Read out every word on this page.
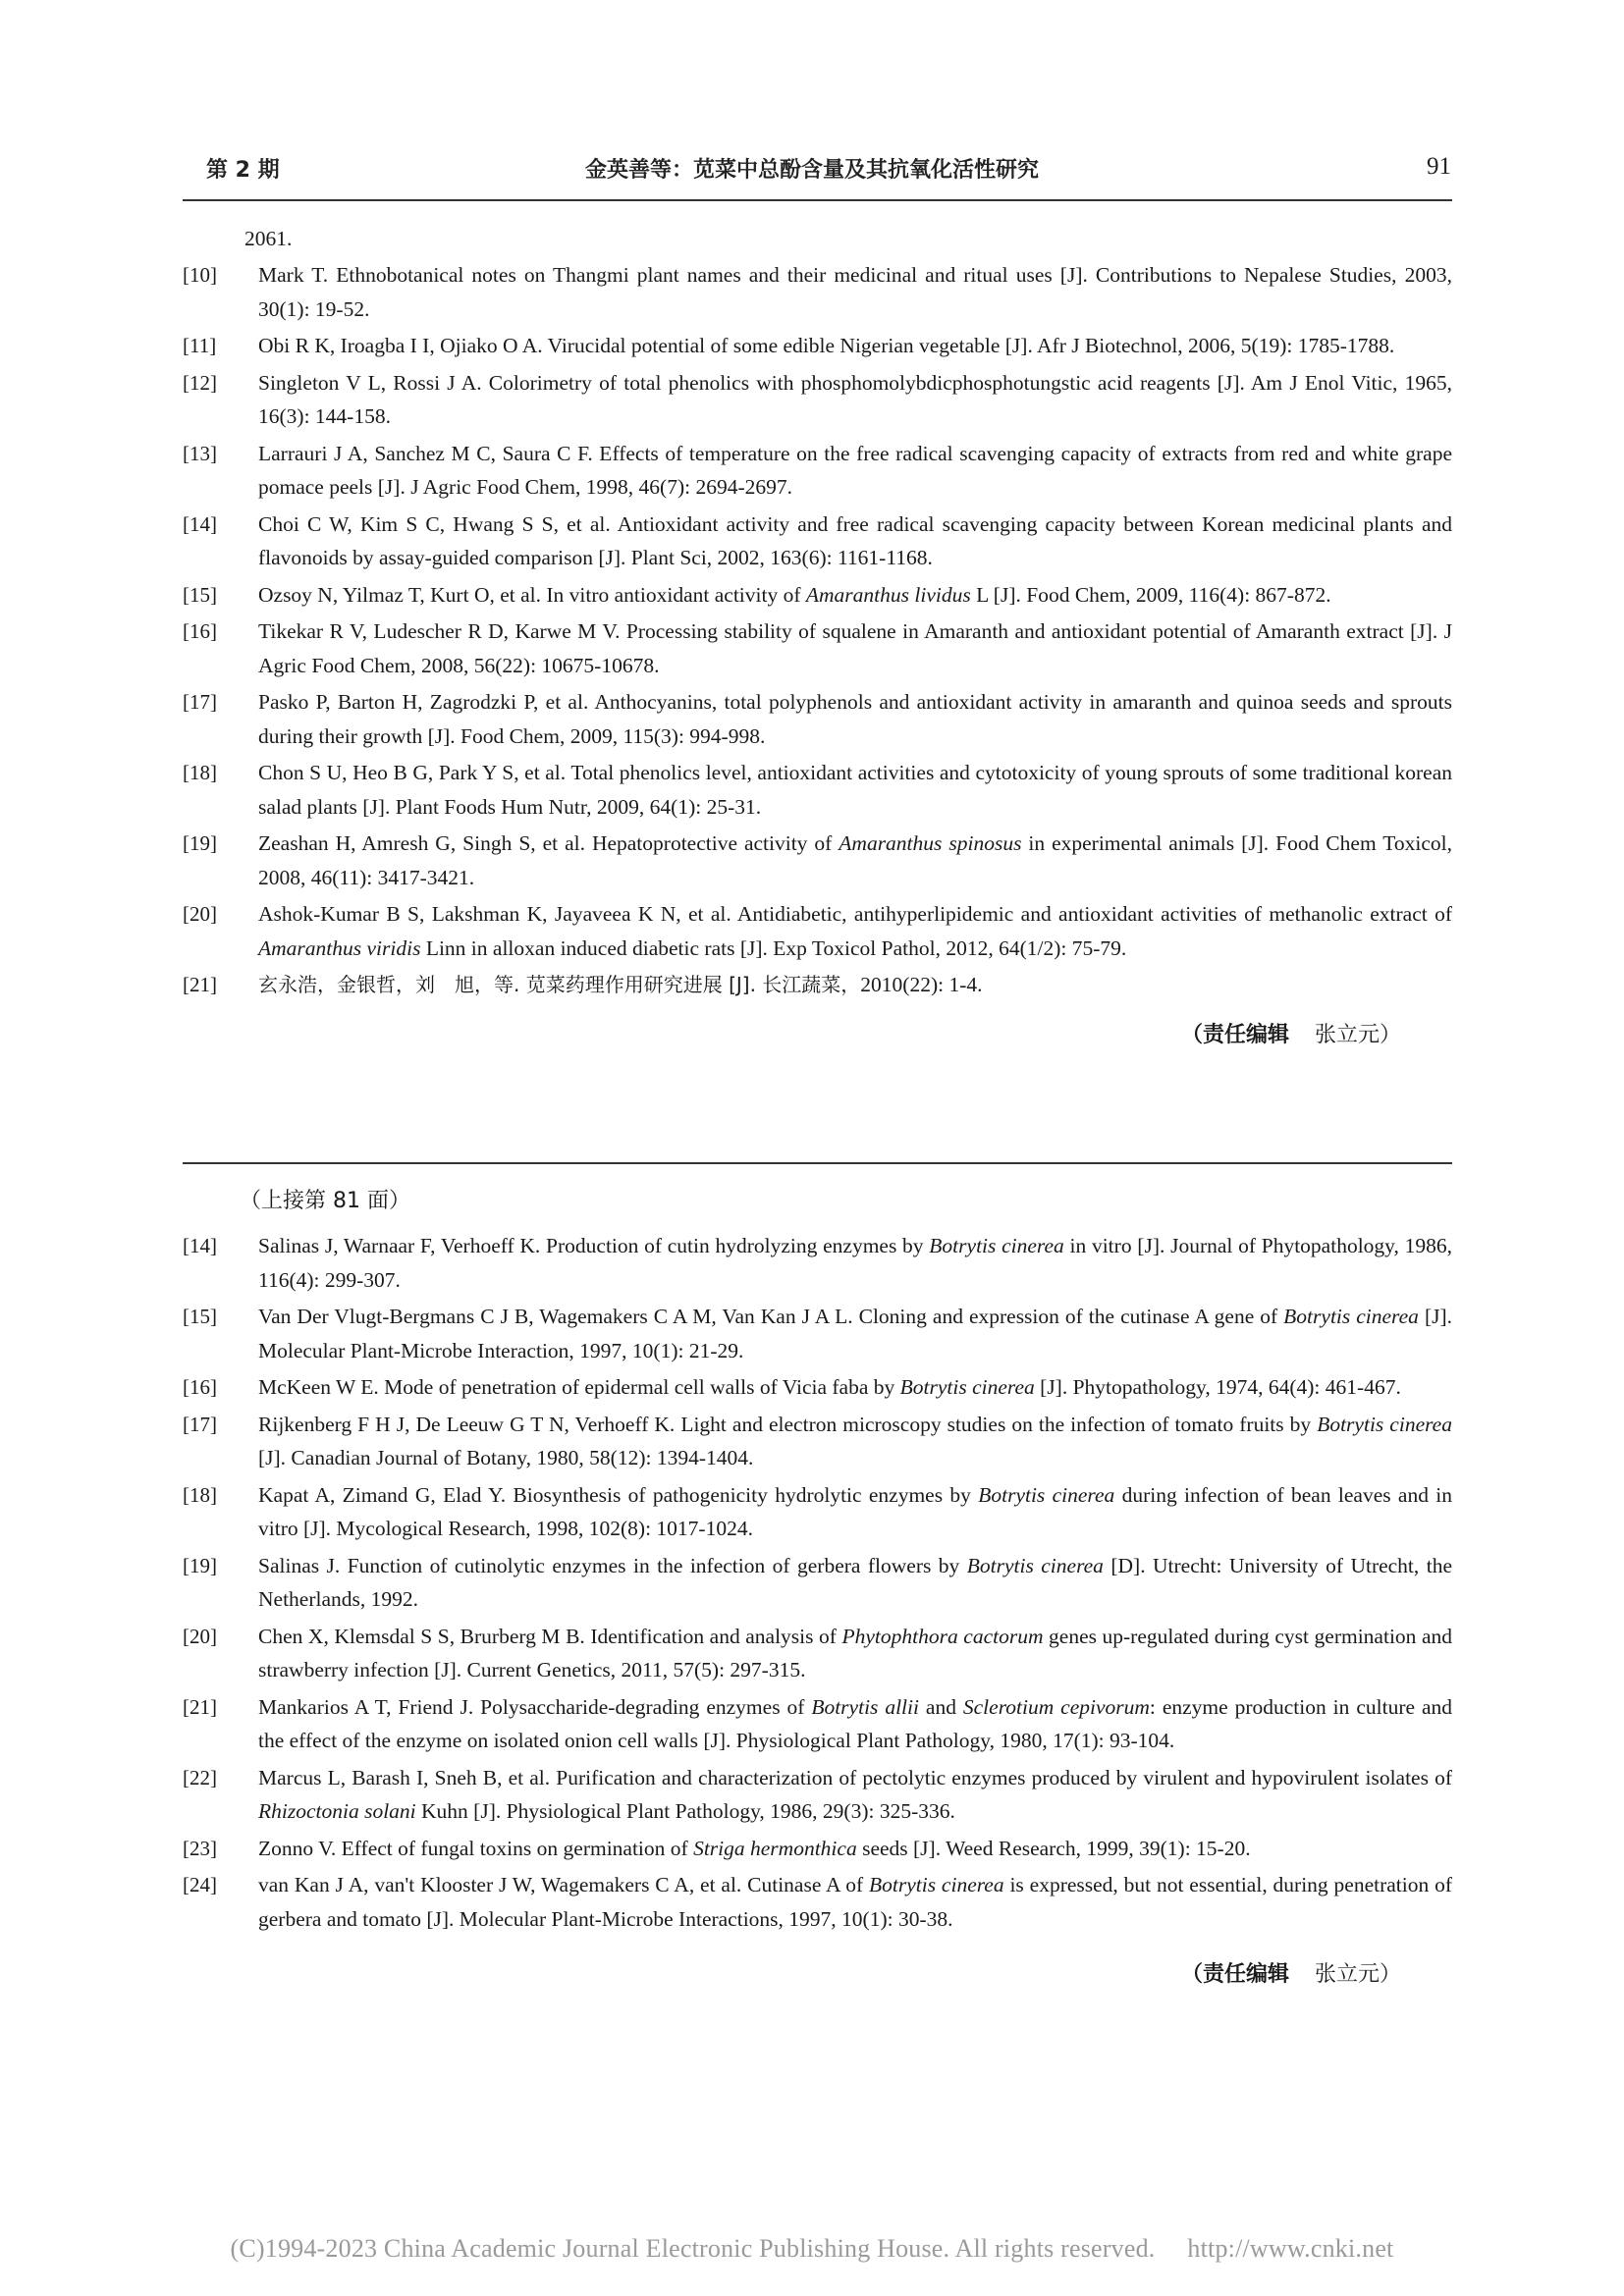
第 2 期	金英善等：苋菜中总酚含量及其抗氧化活性研究	91
2061.
[10] Mark T. Ethnobotanical notes on Thangmi plant names and their medicinal and ritual uses [J]. Contributions to Nepalese Studies, 2003, 30(1): 19-52.
[11] Obi R K, Iroagba I I, Ojiako O A. Virucidal potential of some edible Nigerian vegetable [J]. Afr J Biotechnol, 2006, 5(19): 1785-1788.
[12] Singleton V L, Rossi J A. Colorimetry of total phenolics with phosphomolybdicphosphotungstic acid reagents [J]. Am J Enol Vitic, 1965, 16(3): 144-158.
[13] Larrauri J A, Sanchez M C, Saura C F. Effects of temperature on the free radical scavenging capacity of extracts from red and white grape pomace peels [J]. J Agric Food Chem, 1998, 46(7): 2694-2697.
[14] Choi C W, Kim S C, Hwang S S, et al. Antioxidant activity and free radical scavenging capacity between Korean medicinal plants and flavonoids by assay-guided comparison [J]. Plant Sci, 2002, 163(6): 1161-1168.
[15] Ozsoy N, Yilmaz T, Kurt O, et al. In vitro antioxidant activity of Amaranthus lividus L [J]. Food Chem, 2009, 116(4): 867-872.
[16] Tikekar R V, Ludescher R D, Karwe M V. Processing stability of squalene in Amaranth and antioxidant potential of Amaranth extract [J]. J Agric Food Chem, 2008, 56(22): 10675-10678.
[17] Pasko P, Barton H, Zagrodzki P, et al. Anthocyanins, total polyphenols and antioxidant activity in amaranth and quinoa seeds and sprouts during their growth [J]. Food Chem, 2009, 115(3): 994-998.
[18] Chon S U, Heo B G, Park Y S, et al. Total phenolics level, antioxidant activities and cytotoxicity of young sprouts of some traditional korean salad plants [J]. Plant Foods Hum Nutr, 2009, 64(1): 25-31.
[19] Zeashan H, Amresh G, Singh S, et al. Hepatoprotective activity of Amaranthus spinosus in experimental animals [J]. Food Chem Toxicol, 2008, 46(11): 3417-3421.
[20] Ashok-Kumar B S, Lakshman K, Jayaveea K N, et al. Antidiabetic, antihyperlipidemic and antioxidant activities of methanolic extract of Amaranthus viridis Linn in alloxan induced diabetic rats [J]. Exp Toxicol Pathol, 2012, 64(1/2): 75-79.
[21] 玄永浩，金银哲，刘　旭，等. 苋菜药理作用研究进展 [J]. 长江蔬菜，2010(22): 1-4.
（责任编辑 张立元）
（上接第 81 面）
[14] Salinas J, Warnaar F, Verhoeff K. Production of cutin hydrolyzing enzymes by Botrytis cinerea in vitro [J]. Journal of Phytopathology, 1986, 116(4): 299-307.
[15] Van Der Vlugt-Bergmans C J B, Wagemakers C A M, Van Kan J A L. Cloning and expression of the cutinase A gene of Botrytis cinerea [J]. Molecular Plant-Microbe Interaction, 1997, 10(1): 21-29.
[16] McKeen W E. Mode of penetration of epidermal cell walls of Vicia faba by Botrytis cinerea [J]. Phytopathology, 1974, 64(4): 461-467.
[17] Rijkenberg F H J, De Leeuw G T N, Verhoeff K. Light and electron microscopy studies on the infection of tomato fruits by Botrytis cinerea [J]. Canadian Journal of Botany, 1980, 58(12): 1394-1404.
[18] Kapat A, Zimand G, Elad Y. Biosynthesis of pathogenicity hydrolytic enzymes by Botrytis cinerea during infection of bean leaves and in vitro [J]. Mycological Research, 1998, 102(8): 1017-1024.
[19] Salinas J. Function of cutinolytic enzymes in the infection of gerbera flowers by Botrytis cinerea [D]. Utrecht: University of Utrecht, the Netherlands, 1992.
[20] Chen X, Klemsdal S S, Brurberg M B. Identification and analysis of Phytophthora cactorum genes up-regulated during cyst germination and strawberry infection [J]. Current Genetics, 2011, 57(5): 297-315.
[21] Mankarios A T, Friend J. Polysaccharide-degrading enzymes of Botrytis allii and Sclerotium cepivorum: enzyme production in culture and the effect of the enzyme on isolated onion cell walls [J]. Physiological Plant Pathology, 1980, 17(1): 93-104.
[22] Marcus L, Barash I, Sneh B, et al. Purification and characterization of pectolytic enzymes produced by virulent and hypovirulent isolates of Rhizoctonia solani Kuhn [J]. Physiological Plant Pathology, 1986, 29(3): 325-336.
[23] Zonno V. Effect of fungal toxins on germination of Striga hermonthica seeds [J]. Weed Research, 1999, 39(1): 15-20.
[24] van Kan J A, van't Klooster J W, Wagemakers C A, et al. Cutinase A of Botrytis cinerea is expressed, but not essential, during penetration of gerbera and tomato [J]. Molecular Plant-Microbe Interactions, 1997, 10(1): 30-38.
（责任编辑 张立元）
(C)1994-2023 China Academic Journal Electronic Publishing House. All rights reserved.　 http://www.cnki.net
